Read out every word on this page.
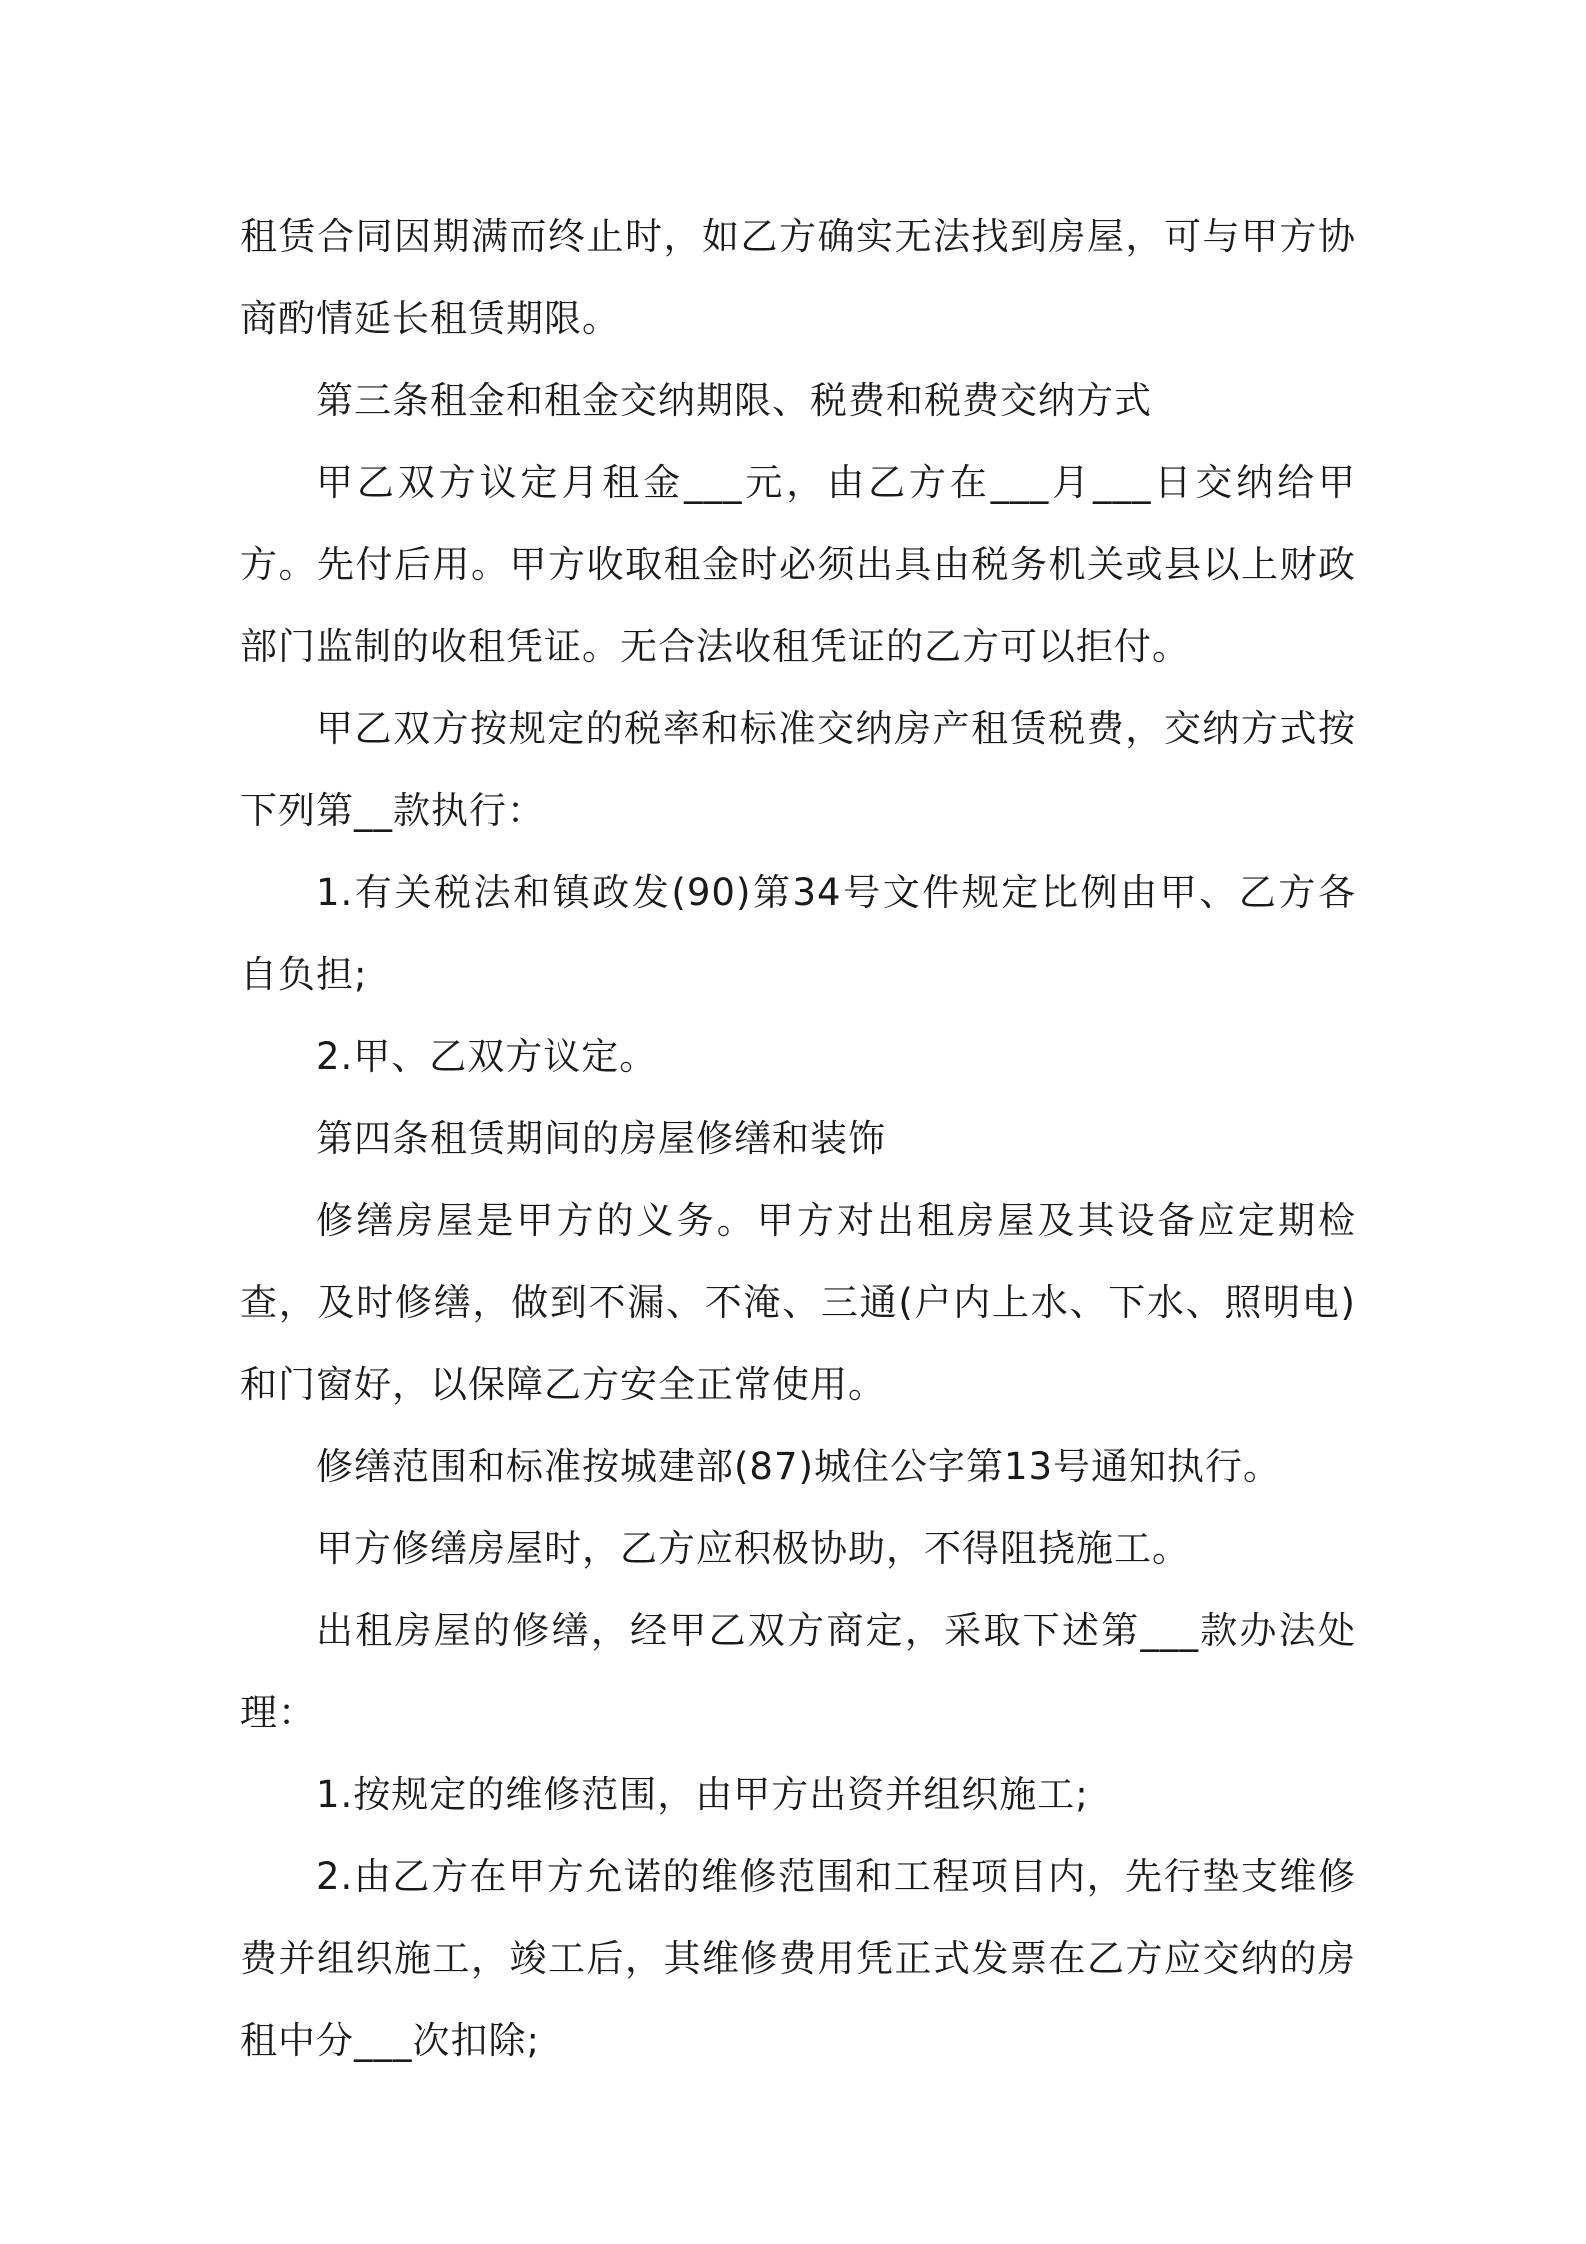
租赁合同因期满而终止时，如乙方确实无法找到房屋，可与甲方协商酌情延长租赁期限。

第三条租金和租金交纳期限、税费和税费交纳方式

甲乙双方议定月租金___元，由乙方在___月___日交纳给甲方。先付后用。甲方收取租金时必须出具由税务机关或县以上财政部门监制的收租凭证。无合法收租凭证的乙方可以拒付。

甲乙双方按规定的税率和标准交纳房产租赁税费，交纳方式按下列第__款执行：

1.有关税法和镇政发(90)第34号文件规定比例由甲、乙方各自负担;

2.甲、乙双方议定。

第四条租赁期间的房屋修缮和装饰

修缮房屋是甲方的义务。甲方对出租房屋及其设备应定期检查，及时修缮，做到不漏、不淹、三通(户内上水、下水、照明电)和门窗好，以保障乙方安全正常使用。

修缮范围和标准按城建部(87)城住公字第13号通知执行。

甲方修缮房屋时，乙方应积极协助，不得阻挠施工。

出租房屋的修缮，经甲乙双方商定，采取下述第___款办法处理：

1.按规定的维修范围，由甲方出资并组织施工;

2.由乙方在甲方允诺的维修范围和工程项目内，先行垫支维修费并组织施工，竣工后，其维修费用凭正式发票在乙方应交纳的房租中分___次扣除;
